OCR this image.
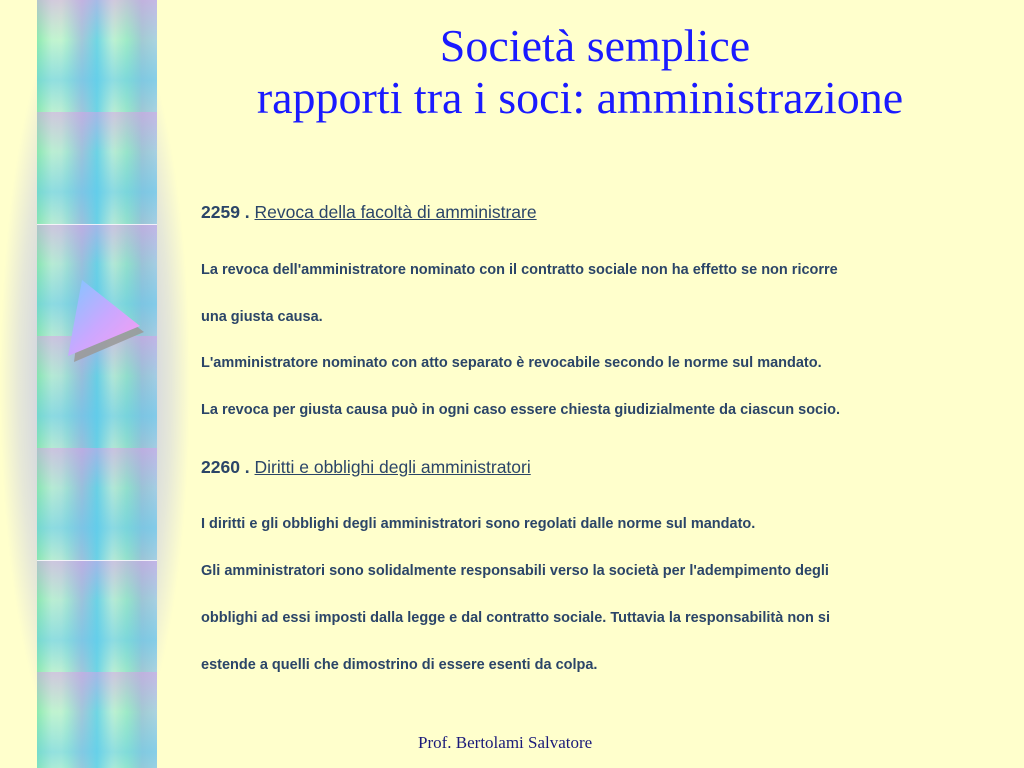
Società semplice
rapporti tra i soci: amministrazione
2259 . Revoca della facoltà di amministrare
La revoca dell'amministratore nominato con il contratto sociale non ha effetto se non ricorre
una giusta causa.
L'amministratore nominato con atto separato è revocabile secondo le norme sul mandato.
La revoca per giusta causa può in ogni caso essere chiesta giudizialmente da ciascun socio.
2260 . Diritti e obblighi degli amministratori
I diritti e gli obblighi degli amministratori sono regolati dalle norme sul mandato.
Gli amministratori sono solidalmente responsabili verso la società per l'adempimento degli
obblighi ad essi imposti dalla legge e dal contratto sociale. Tuttavia la responsabilità non si
estende a quelli che dimostrino di essere esenti da colpa.
Prof. Bertolami Salvatore
